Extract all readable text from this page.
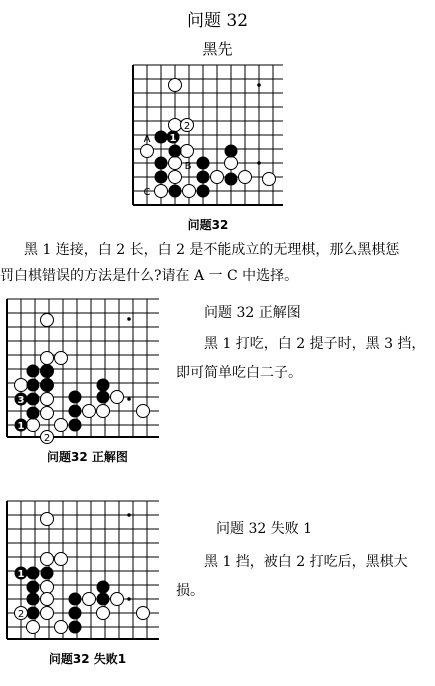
问题 32
黑先
1
2
A
B
C
问题32
黑 1 连接，白 2 长，白 2 是不能成立的无理棋，那么黑棋惩
罚白棋错误的方法是什么?请在 A 一 C 中选择。
3
1
2
问题32 正解图
问题 32 正解图
黑 1 打吃，白 2 提子时，黑 3 挡，
即可简单吃白二子。
1
2
问题32 失败1
问题 32 失败 1
黑 1 挡，被白 2 打吃后，黑棋大
损。
